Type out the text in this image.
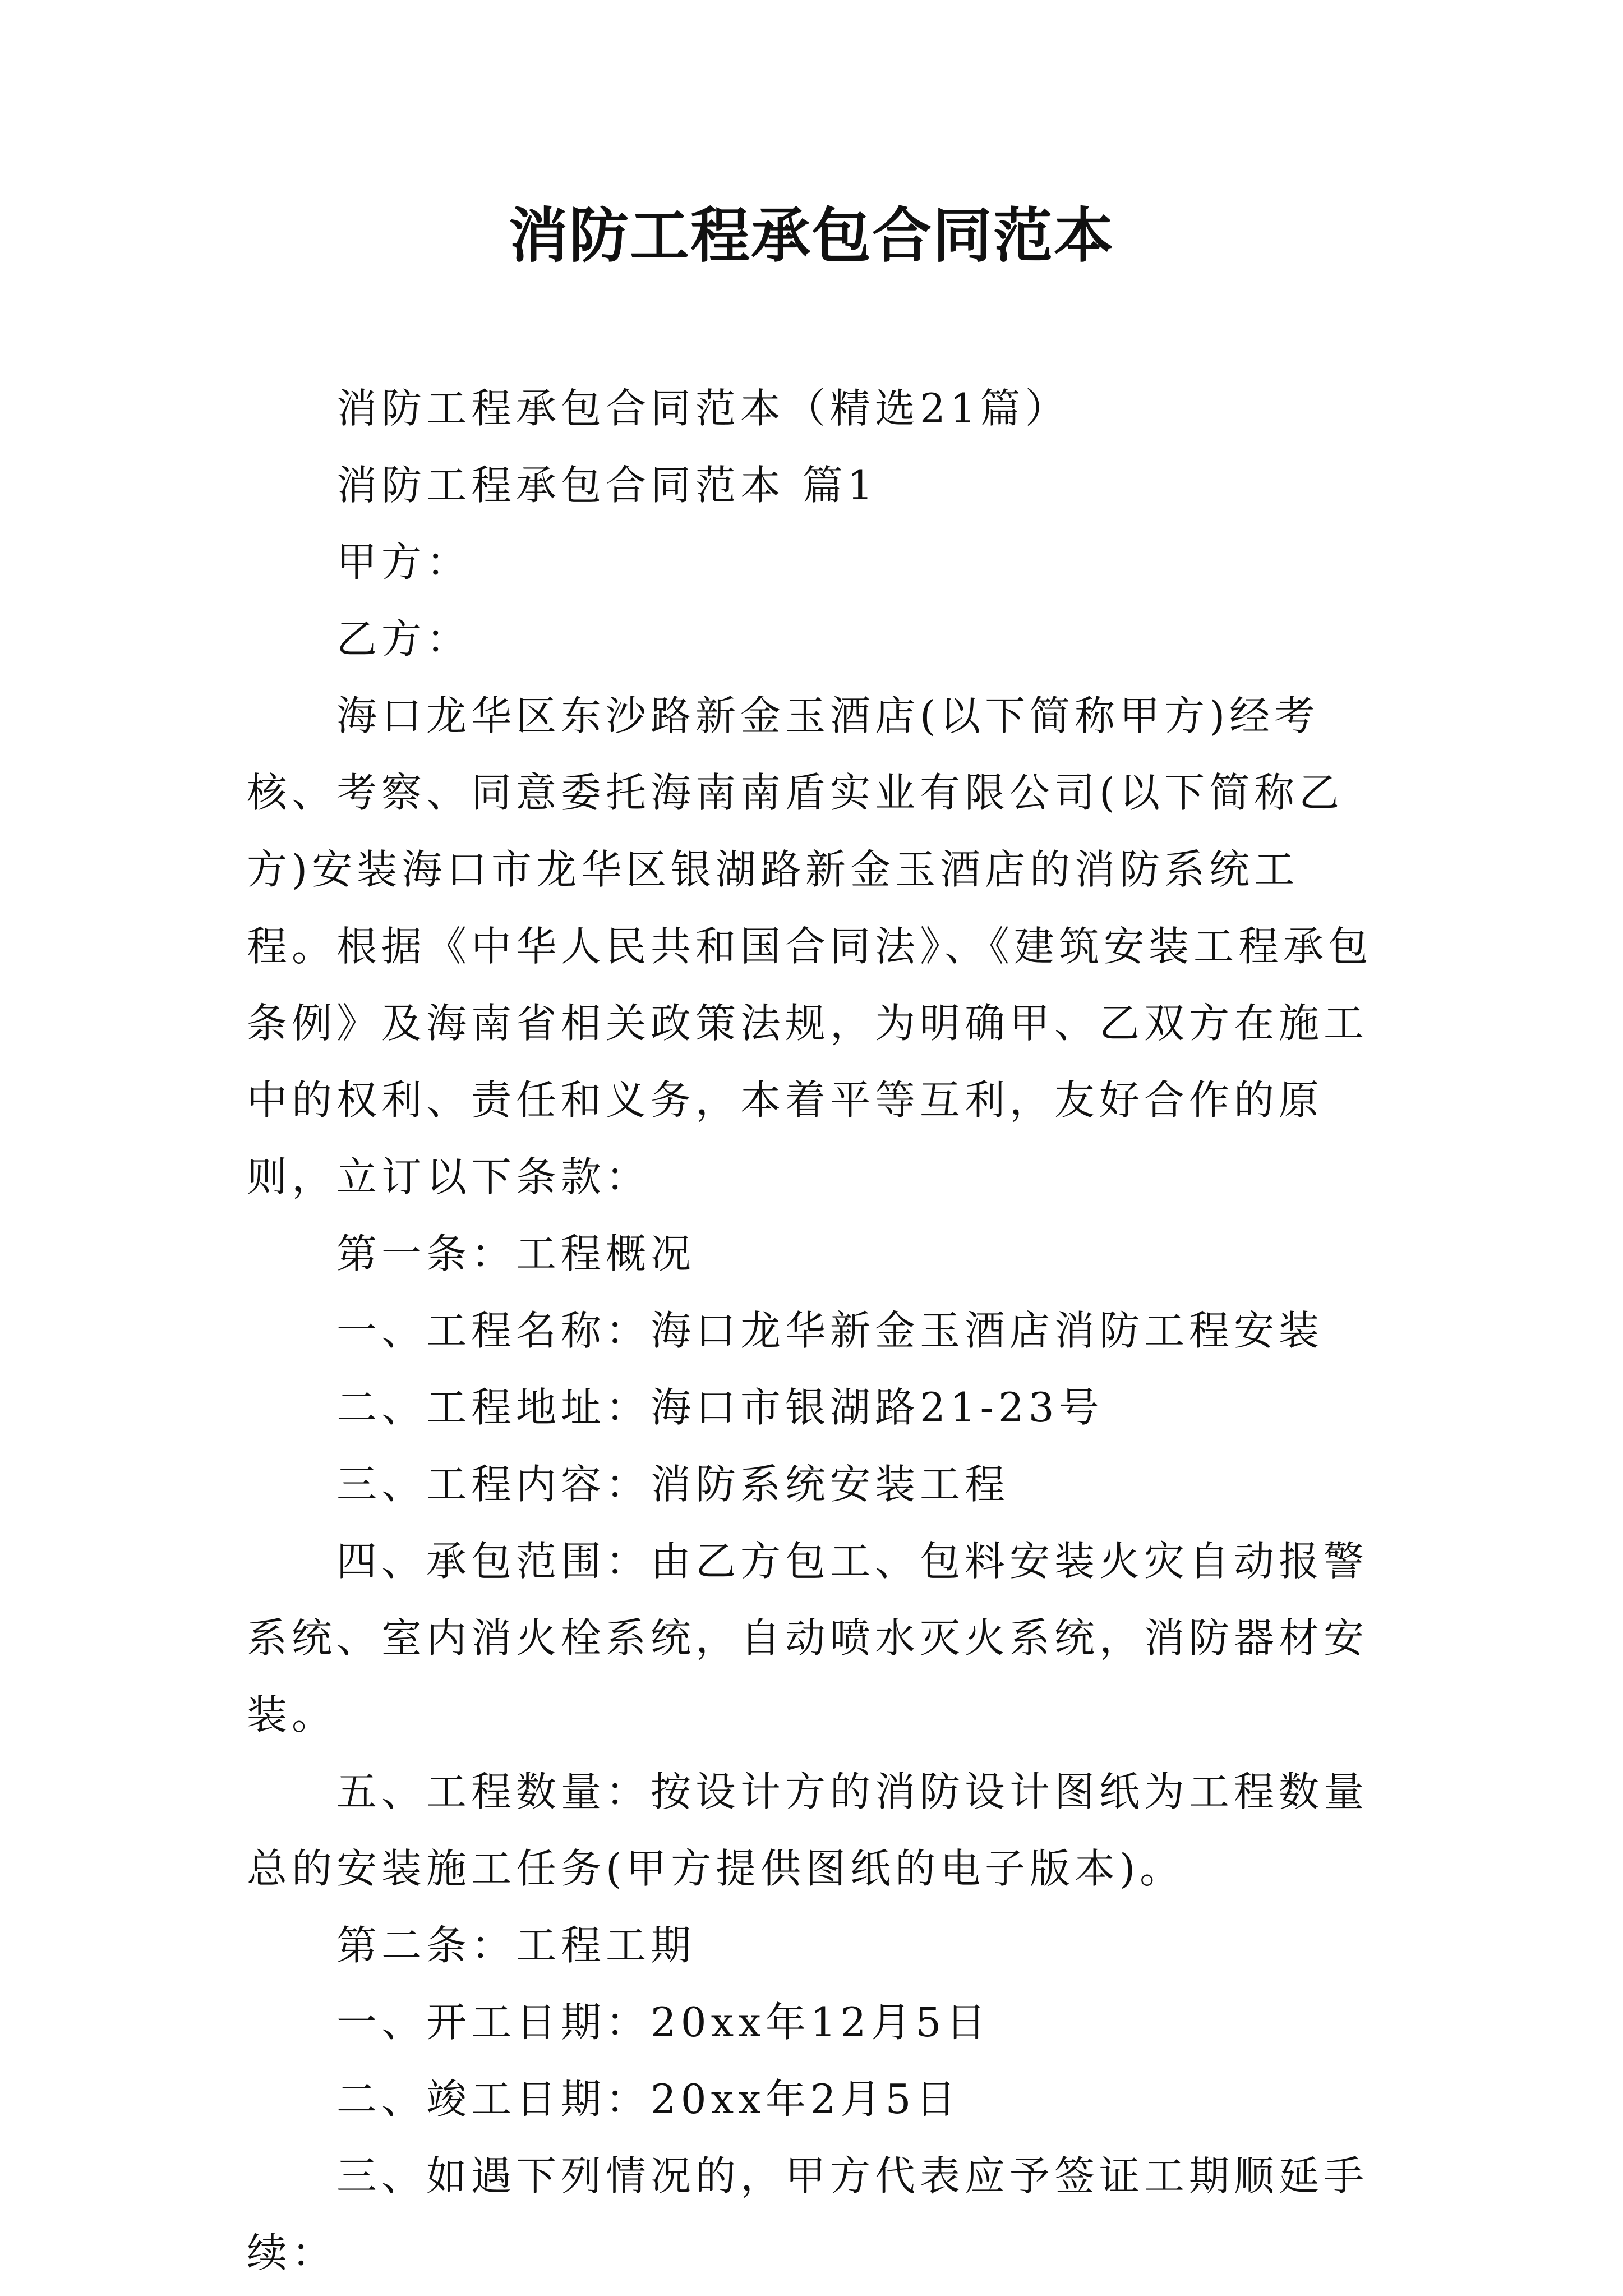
消防工程承包合同范本

消防工程承包合同范本（精选21篇）

消防工程承包合同范本 篇1

甲方：

乙方：

海口龙华区东沙路新金玉酒店(以下简称甲方)经考核、考察、同意委托海南南盾实业有限公司(以下简称乙方)安装海口市龙华区银湖路新金玉酒店的消防系统工程。根据《中华人民共和国合同法》、《建筑安装工程承包条例》及海南省相关政策法规，为明确甲、乙双方在施工中的权利、责任和义务，本着平等互利，友好合作的原则，立订以下条款：

第一条：工程概况

一、工程名称：海口龙华新金玉酒店消防工程安装

二、工程地址：海口市银湖路21-23号

三、工程内容：消防系统安装工程

四、承包范围：由乙方包工、包料安装火灾自动报警系统、室内消火栓系统，自动喷水灭火系统，消防器材安装。

五、工程数量：按设计方的消防设计图纸为工程数量总的安装施工任务(甲方提供图纸的电子版本)。

第二条：工程工期

一、开工日期：20xx年12月5日

二、竣工日期：20xx年2月5日

三、如遇下列情况的，甲方代表应予签证工期顺延手续：
